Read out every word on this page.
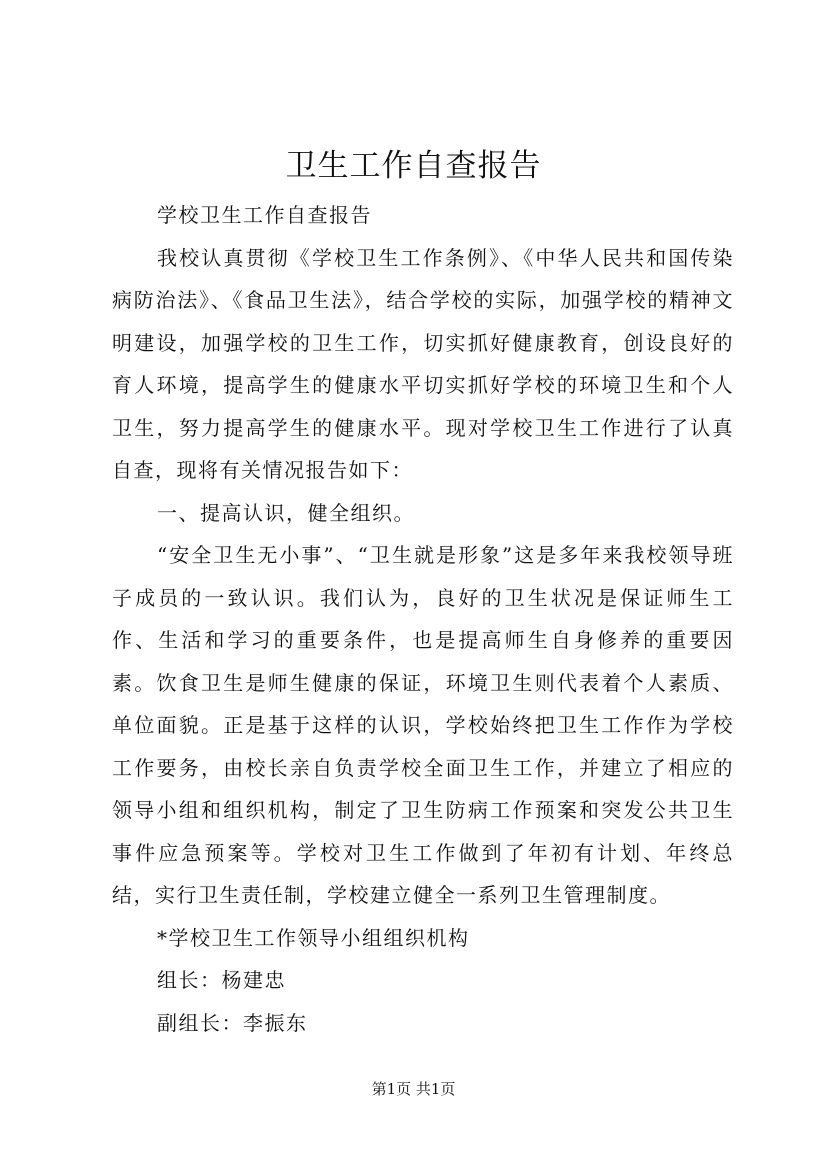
卫生工作自查报告

学校卫生工作自查报告

我校认真贯彻《学校卫生工作条例》、《中华人民共和国传染病防治法》、《食品卫生法》，结合学校的实际，加强学校的精神文明建设，加强学校的卫生工作，切实抓好健康教育，创设良好的育人环境，提高学生的健康水平切实抓好学校的环境卫生和个人卫生，努力提高学生的健康水平。现对学校卫生工作进行了认真自查，现将有关情况报告如下：

一、提高认识，健全组织。

“安全卫生无小事”、“卫生就是形象”这是多年来我校领导班子成员的一致认识。我们认为，良好的卫生状况是保证师生工作、生活和学习的重要条件，也是提高师生自身修养的重要因素。饮食卫生是师生健康的保证，环境卫生则代表着个人素质、单位面貌。正是基于这样的认识，学校始终把卫生工作作为学校工作要务，由校长亲自负责学校全面卫生工作，并建立了相应的领导小组和组织机构，制定了卫生防病工作预案和突发公共卫生事件应急预案等。学校对卫生工作做到了年初有计划、年终总结，实行卫生责任制，学校建立健全一系列卫生管理制度。

*学校卫生工作领导小组组织机构

组长：杨建忠

副组长：李振东

第1页 共1页
